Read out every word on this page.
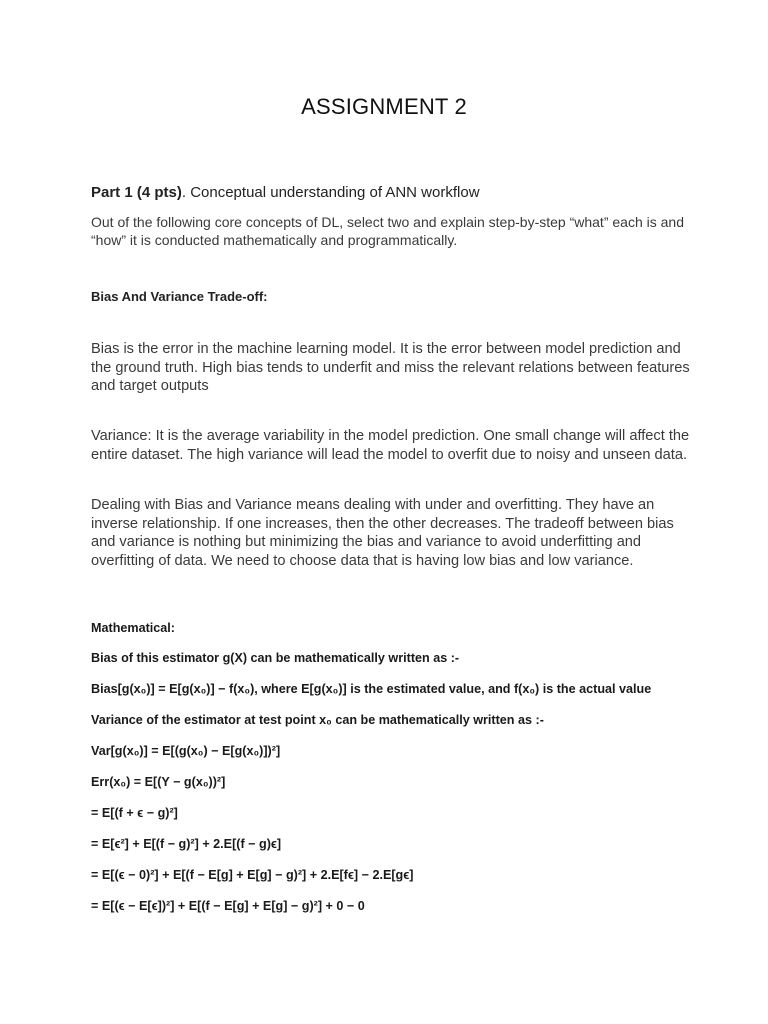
ASSIGNMENT 2
Part 1 (4 pts). Conceptual understanding of ANN workflow
Out of the following core concepts of DL, select two and explain step-by-step “what” each is and “how” it is conducted mathematically and programmatically.
Bias And Variance Trade-off:
Bias is the error in the machine learning model. It is the error between model prediction and the ground truth. High bias tends to underfit and miss the relevant relations between features and target outputs
Variance: It is the average variability in the model prediction. One small change will affect the entire dataset. The high variance will lead the model to overfit due to noisy and unseen data.
Dealing with Bias and Variance means dealing with under and overfitting. They have an inverse relationship. If one increases, then the other decreases. The tradeoff between bias and variance is nothing but minimizing the bias and variance to avoid underfitting and overfitting of data. We need to choose data that is having low bias and low variance.
Mathematical:
Bias of this estimator g(X) can be mathematically written as :-
Bias[g(x₀)] = E[g(x₀)] − f(x₀), where E[g(x₀)] is the estimated value, and f(x₀) is the actual value
Variance of the estimator at test point x₀ can be mathematically written as :-
Var[g(x₀)] = E[(g(x₀) − E[g(x₀)])²]
Err(x₀) = E[(Y − g(x₀))²]
= E[(f + ϵ − g)²]
= E[ϵ²] + E[(f − g)²] + 2.E[(f − g)ϵ]
= E[(ϵ − 0)²] + E[(f − E[g] + E[g] − g)²] + 2.E[fϵ] − 2.E[gϵ]
= E[(ϵ − E[ϵ])²] + E[(f − E[g] + E[g] − g)²] + 0 − 0
